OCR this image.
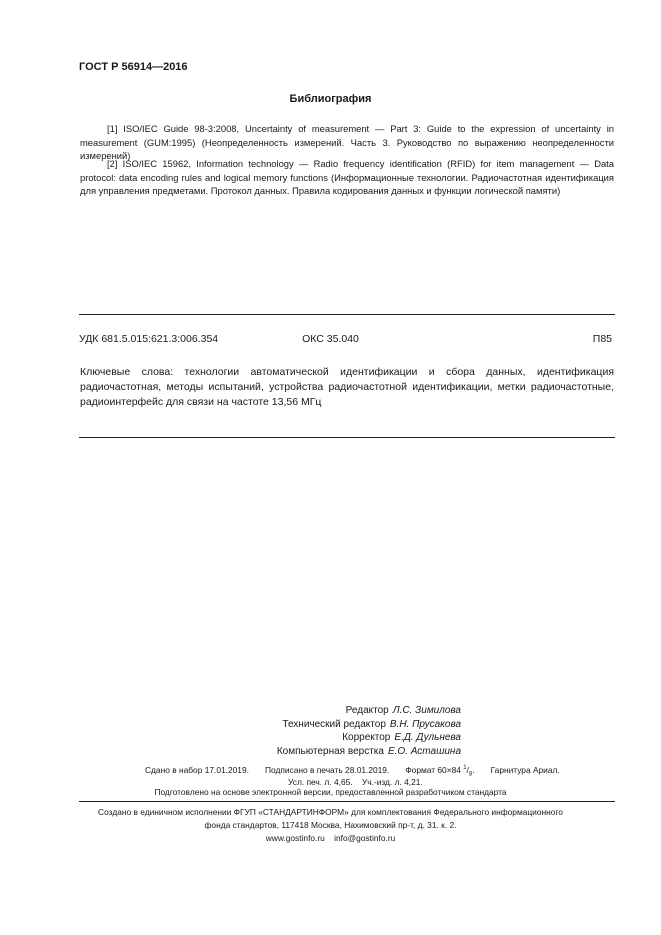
ГОСТ Р 56914—2016
Библиография
[1] ISO/IEC Guide 98-3:2008, Uncertainty of measurement — Part 3: Guide to the expression of uncertainty in measurement (GUM:1995) (Неопределенность измерений. Часть 3. Руководство по выражению неопределенности измерений)
[2] ISO/IEC 15962, Information technology — Radio frequency identification (RFID) for item management — Data protocol: data encoding rules and logical memory functions (Информационные технологии. Радиочастотная идентификация для управления предметами. Протокол данных. Правила кодирования данных и функции логической памяти)
УДК 681.5.015:621.3:006.354	ОКС 35.040	П85
Ключевые слова: технологии автоматической идентификации и сбора данных, идентификация радиочастотная, методы испытаний, устройства радиочастотной идентификации, метки радиочастотные, радиоинтерфейс для связи на частоте 13,56 МГц
Редактор Л.С. Зимилова
Технический редактор В.Н. Прусакова
Корректор Е.Д. Дульнева
Компьютерная верстка Е.О. Асташина
Сдано в набор 17.01.2019. Подписано в печать 28.01.2019. Формат 60×84 $^1/_8$. Гарнитура Ариал.
Усл. печ. л. 4,65. Уч.-изд. л. 4,21.
Подготовлено на основе электронной версии, предоставленной разработчиком стандарта
Создано в единичном исполнении ФГУП «СТАНДАРТИНФОРМ» для комплектования Федерального информационного
фонда стандартов, 117418 Москва, Нахимовский пр-т, д. 31. к. 2.
www.gostinfo.ru info@gostinfo.ru
